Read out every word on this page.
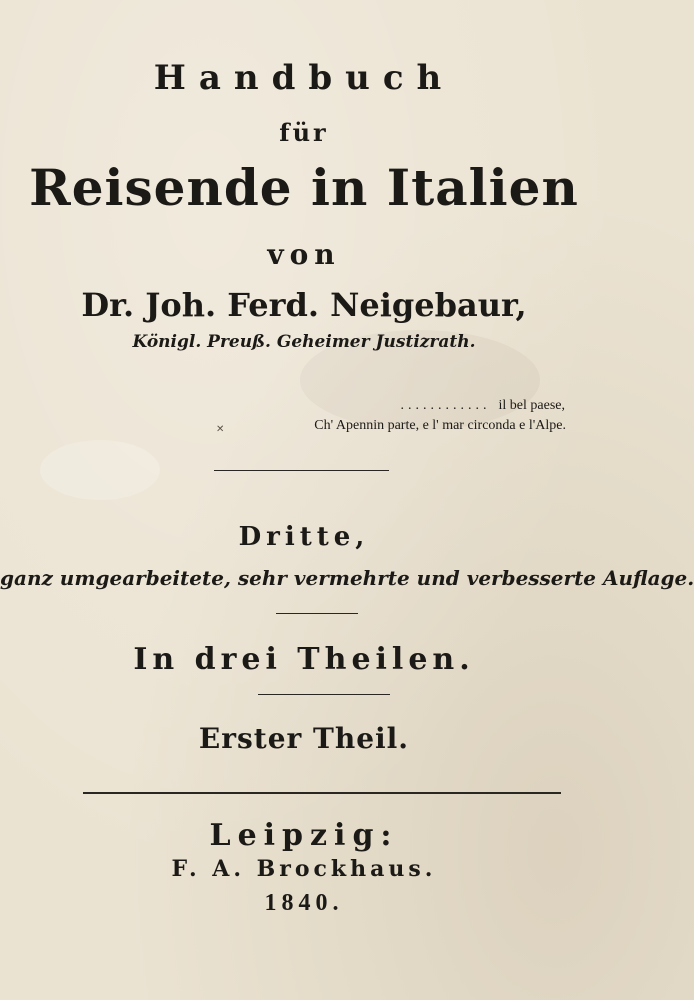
Handbuch
für
Reisende in Italien
von
Dr. Joh. Ferd. Neigebaur,
Königl. Preuß. Geheimer Justizrath.
............ il bel paese,
✕	Ch' Apennin parte, e l' mar circonda e l'Alpe.
Dritte,
ganz umgearbeitete, sehr vermehrte und verbesserte Auflage.
In drei Theilen.
Erster Theil.
Leipzig:
F. A. Brockhaus.
1840.
